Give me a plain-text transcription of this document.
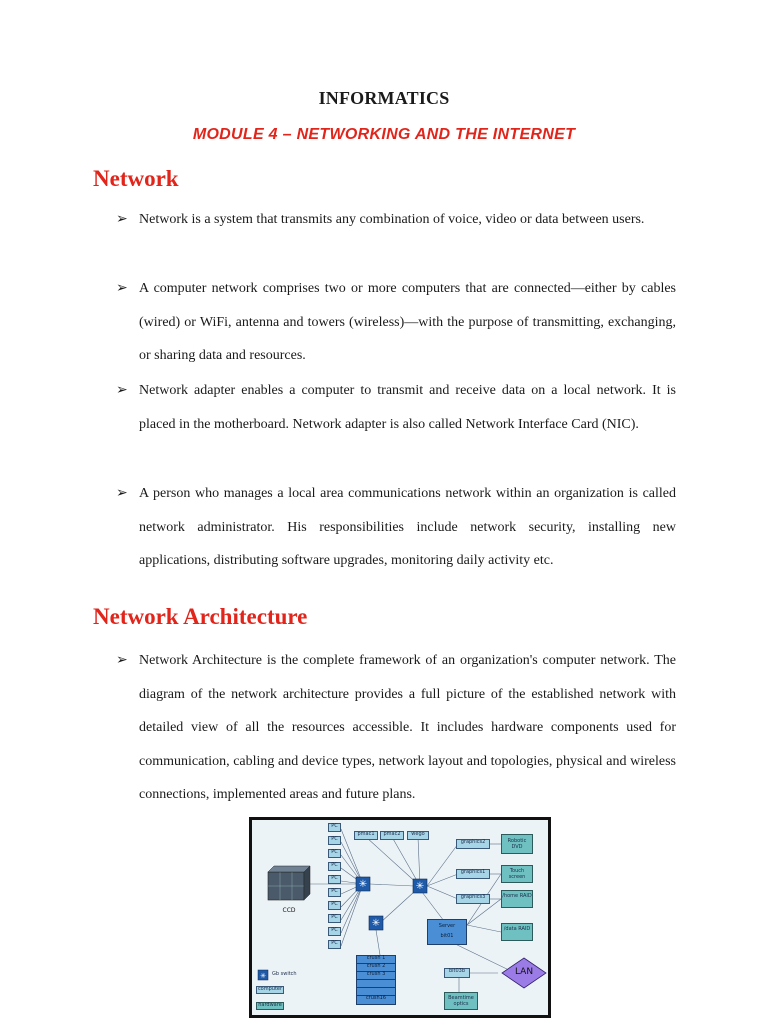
INFORMATICS
MODULE 4 – NETWORKING AND THE INTERNET
Network
➢ Network is a system that transmits any combination of voice, video or data between users.
➢ A computer network comprises two or more computers that are connected—either by cables (wired) or WiFi, antenna and towers (wireless)—with the purpose of transmitting, exchanging, or sharing data and resources.
➢ Network adapter enables a computer to transmit and receive data on a local network. It is placed in the motherboard. Network adapter is also called Network Interface Card (NIC).
➢ A person who manages a local area communications network within an organization is called network administrator. His responsibilities include network security, installing new applications, distributing software upgrades, monitoring daily activity etc.
Network Architecture
➢ Network Architecture is the complete framework of an organization's computer network. The diagram of the network architecture provides a full picture of the established network with detailed view of all the resources accessible. It includes hardware components used for communication, cabling and device types, network layout and topologies, physical and wireless connections, implemented areas and future plans.
✳	✳
✳
✳
PC
PC
PC
PC
PC
PC
PC
PC
PC
PC
CCD
pmac1	pmac2	wego
graphics2
graphics1
graphics3
Robotic DVD
Touch screen
/home RAID
/data RAID
Server
bit01
crush 1
crush 2
crush 3
crush16
bit03b
Beamtime optics
LAN
Gb switch
computer
hardware
